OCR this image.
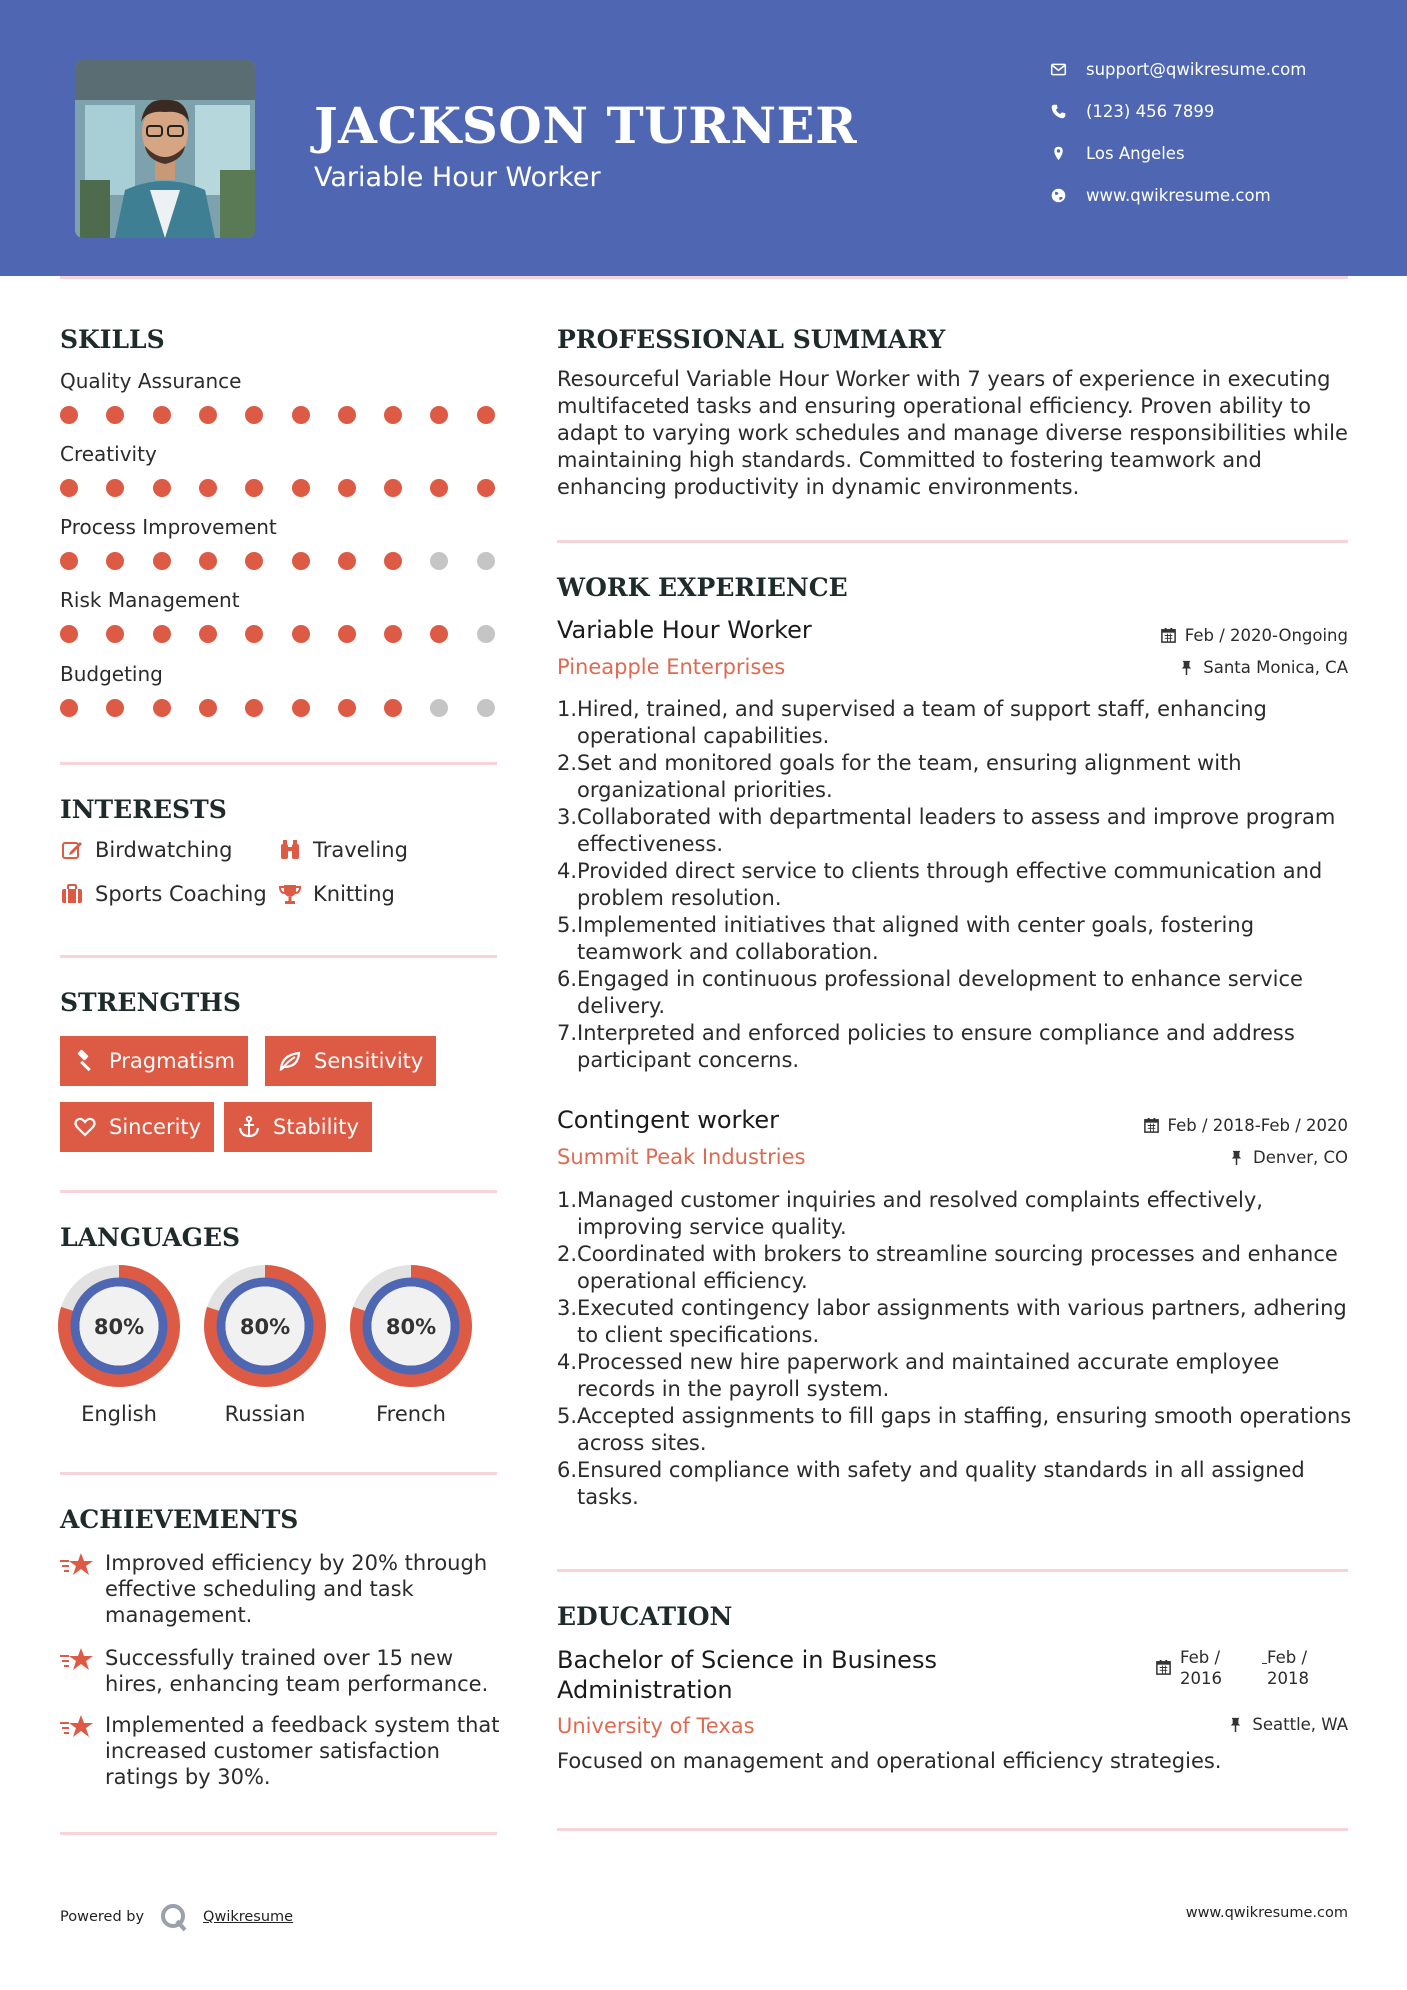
JACKSON TURNER
Variable Hour Worker
support@qwikresume.com
(123) 456 7899
Los Angeles
www.qwikresume.com
SKILLS
Quality Assurance
Creativity
Process Improvement
Risk Management
Budgeting
INTERESTS
Birdwatching	Traveling
Sports Coaching Knitting
STRENGTHS
Pragmatism	Sensitivity
Sincerity	Stability
LANGUAGES
80%	80%	80%
English	Russian	French
ACHIEVEMENTS
Improved efficiency by 20% through effective scheduling and task management.
Successfully trained over 15 new hires, enhancing team performance.
Implemented a feedback system that increased customer satisfaction ratings by 30%.
PROFESSIONAL SUMMARY
Resourceful Variable Hour Worker with 7 years of experience in executing multifaceted tasks and ensuring operational efficiency. Proven ability to adapt to varying work schedules and manage diverse responsibilities while maintaining high standards. Committed to fostering teamwork and enhancing productivity in dynamic environments.
WORK EXPERIENCE
Variable Hour Worker	Feb / 2020-Ongoing
Pineapple Enterprises	Santa Monica, CA
1 . Hired, trained, and supervised a team of support staff, enhancing operational capabilities.
2 . Set and monitored goals for the team, ensuring alignment with organizational priorities.
3 . Collaborated with departmental leaders to assess and improve program effectiveness.
4 . Provided direct service to clients through effective communication and problem resolution.
5 . Implemented initiatives that aligned with center goals, fostering teamwork and collaboration.
6 . Engaged in continuous professional development to enhance service delivery.
7 . Interpreted and enforced policies to ensure compliance and address participant concerns.
Contingent worker	Feb / 2018-Feb / 2020
Summit Peak Industries	Denver, CO
1 . Managed customer inquiries and resolved complaints effectively, improving service quality.
2 . Coordinated with brokers to streamline sourcing processes and enhance operational efficiency.
3 . Executed contingency labor assignments with various partners, adhering to client specifications.
4 . Processed new hire paperwork and maintained accurate employee records in the payroll system.
5 . Accepted assignments to fill gaps in staffing, ensuring smooth operations across sites.
6 . Ensured compliance with safety and quality standards in all assigned tasks.
EDUCATION
Bachelor of Science in Business Administration
Feb / 2016
Feb / 2018
University of Texas	Seattle, WA
Focused on management and operational efficiency strategies.
Powered by	Qwikresume	www.qwikresume.com
